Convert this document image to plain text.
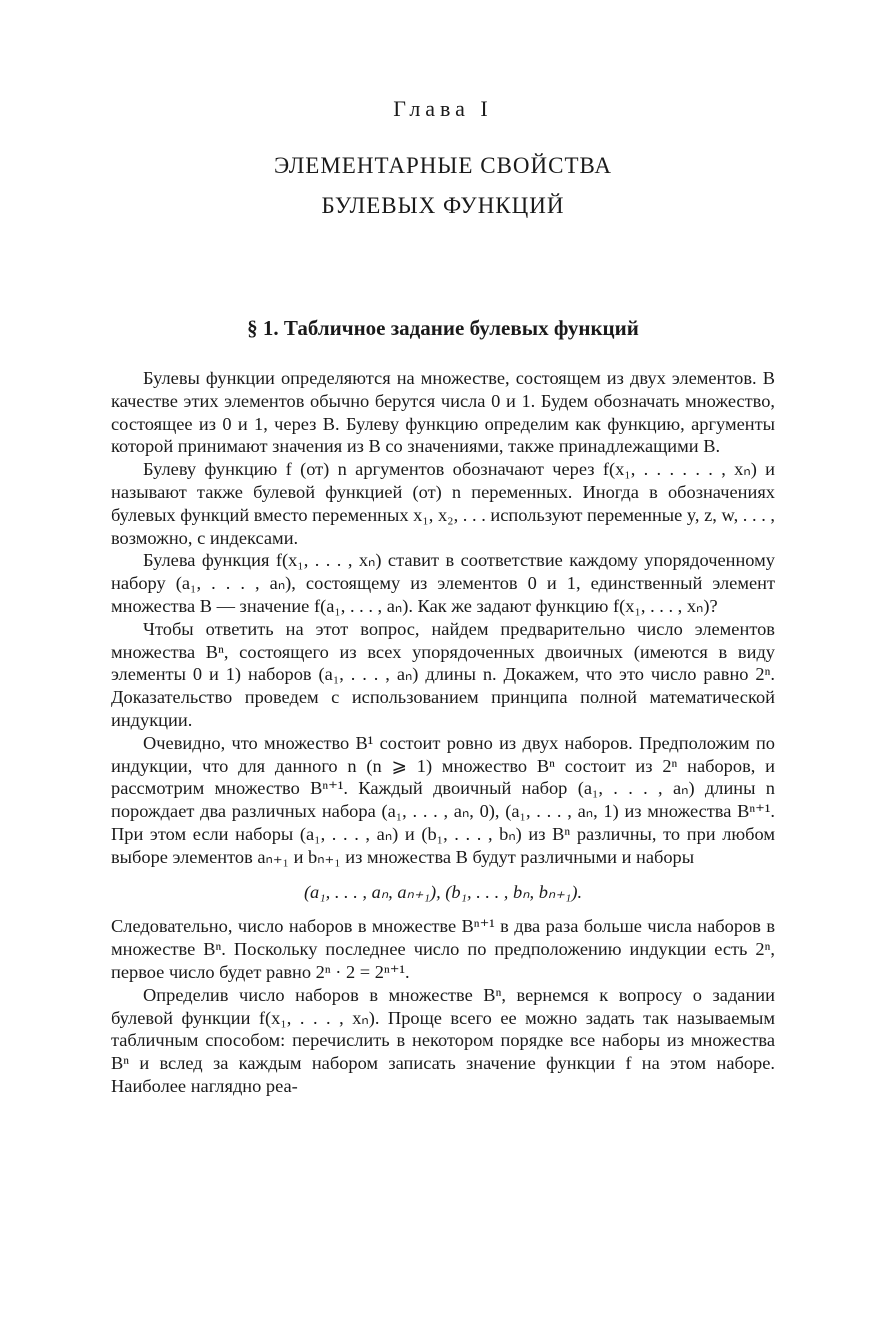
Глава I
ЭЛЕМЕНТАРНЫЕ СВОЙСТВА
БУЛЕВЫХ ФУНКЦИЙ
§ 1. Табличное задание булевых функций

Булевы функции определяются на множестве, состоящем из двух элементов. В качестве этих элементов обычно берутся числа 0 и 1. Будем обозначать множество, состоящее из 0 и 1, через B. Булеву функцию определим как функцию, аргументы которой принимают значения из B со значениями, также принадлежащими B.

Булеву функцию f (от) n аргументов обозначают через f(x₁, . . . . . . , xₙ) и называют также булевой функцией (от) n переменных. Иногда в обозначениях булевых функций вместо переменных x₁, x₂, . . . используют переменные y, z, w, . . . , возможно, с индексами.

Булева функция f(x₁, . . . , xₙ) ставит в соответствие каждому упорядоченному набору (a₁, . . . , aₙ), состоящему из элементов 0 и 1, единственный элемент множества B — значение f(a₁, . . . , aₙ). Как же задают функцию f(x₁, . . . , xₙ)?

Чтобы ответить на этот вопрос, найдем предварительно число элементов множества Bⁿ, состоящего из всех упорядоченных двоичных (имеются в виду элементы 0 и 1) наборов (a₁, . . . , aₙ) длины n. Докажем, что это число равно 2ⁿ. Доказательство проведем с использованием принципа полной математической индукции.

Очевидно, что множество B¹ состоит ровно из двух наборов. Предположим по индукции, что для данного n (n ⩾ 1) множество Bⁿ состоит из 2ⁿ наборов, и рассмотрим множество Bⁿ⁺¹. Каждый двоичный набор (a₁, . . . , aₙ) длины n порождает два различных набора (a₁, . . . , aₙ, 0), (a₁, . . . , aₙ, 1) из множества Bⁿ⁺¹. При этом если наборы (a₁, . . . , aₙ) и (b₁, . . . , bₙ) из Bⁿ различны, то при любом выборе элементов aₙ₊₁ и bₙ₊₁ из множества B будут различными и наборы

(a₁, . . . , aₙ, aₙ₊₁), (b₁, . . . , bₙ, bₙ₊₁).

Следовательно, число наборов в множестве Bⁿ⁺¹ в два раза больше числа наборов в множестве Bⁿ. Поскольку последнее число по предположению индукции есть 2ⁿ, первое число будет равно 2ⁿ · 2 = 2ⁿ⁺¹.

Определив число наборов в множестве Bⁿ, вернемся к вопросу о задании булевой функции f(x₁, . . . , xₙ). Проще всего ее можно задать так называемым табличным способом: перечислить в некотором порядке все наборы из множества Bⁿ и вслед за каждым набором записать значение функции f на этом наборе. Наиболее наглядно реа-
